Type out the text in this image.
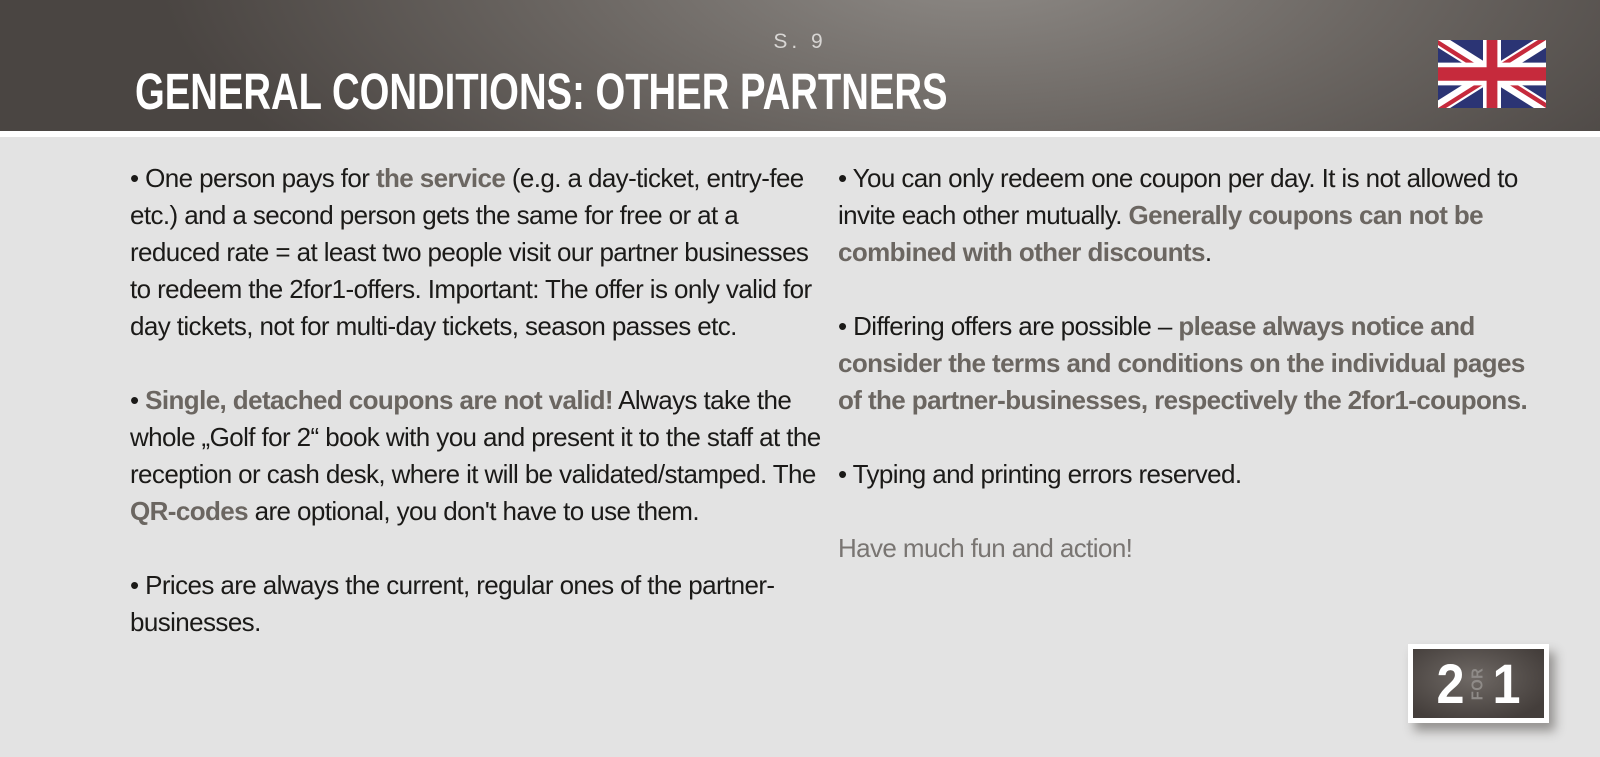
S. 9
GENERAL CONDITIONS: OTHER PARTNERS

• One person pays for the service (e.g. a day-ticket, entry-fee etc.) and a second person gets the same for free or at a reduced rate = at least two people visit our partner businesses to redeem the 2for1-offers. Important: The offer is only valid for day tickets, not for multi-day tickets, season passes etc.

• Single, detached coupons are not valid! Always take the whole „Golf for 2“ book with you and present it to the staff at the reception or cash desk, where it will be validated/stamped. The QR-codes are optional, you don't have to use them.

• Prices are always the current, regular ones of the partner-businesses.

• You can only redeem one coupon per day. It is not allowed to invite each other mutually. Generally coupons can not be combined with other discounts.

• Differing offers are possible – please always notice and consider the terms and conditions on the individual pages of the partner-businesses, respectively the 2for1-coupons.

• Typing and printing errors reserved.

Have much fun and action!

2 FOR 1
